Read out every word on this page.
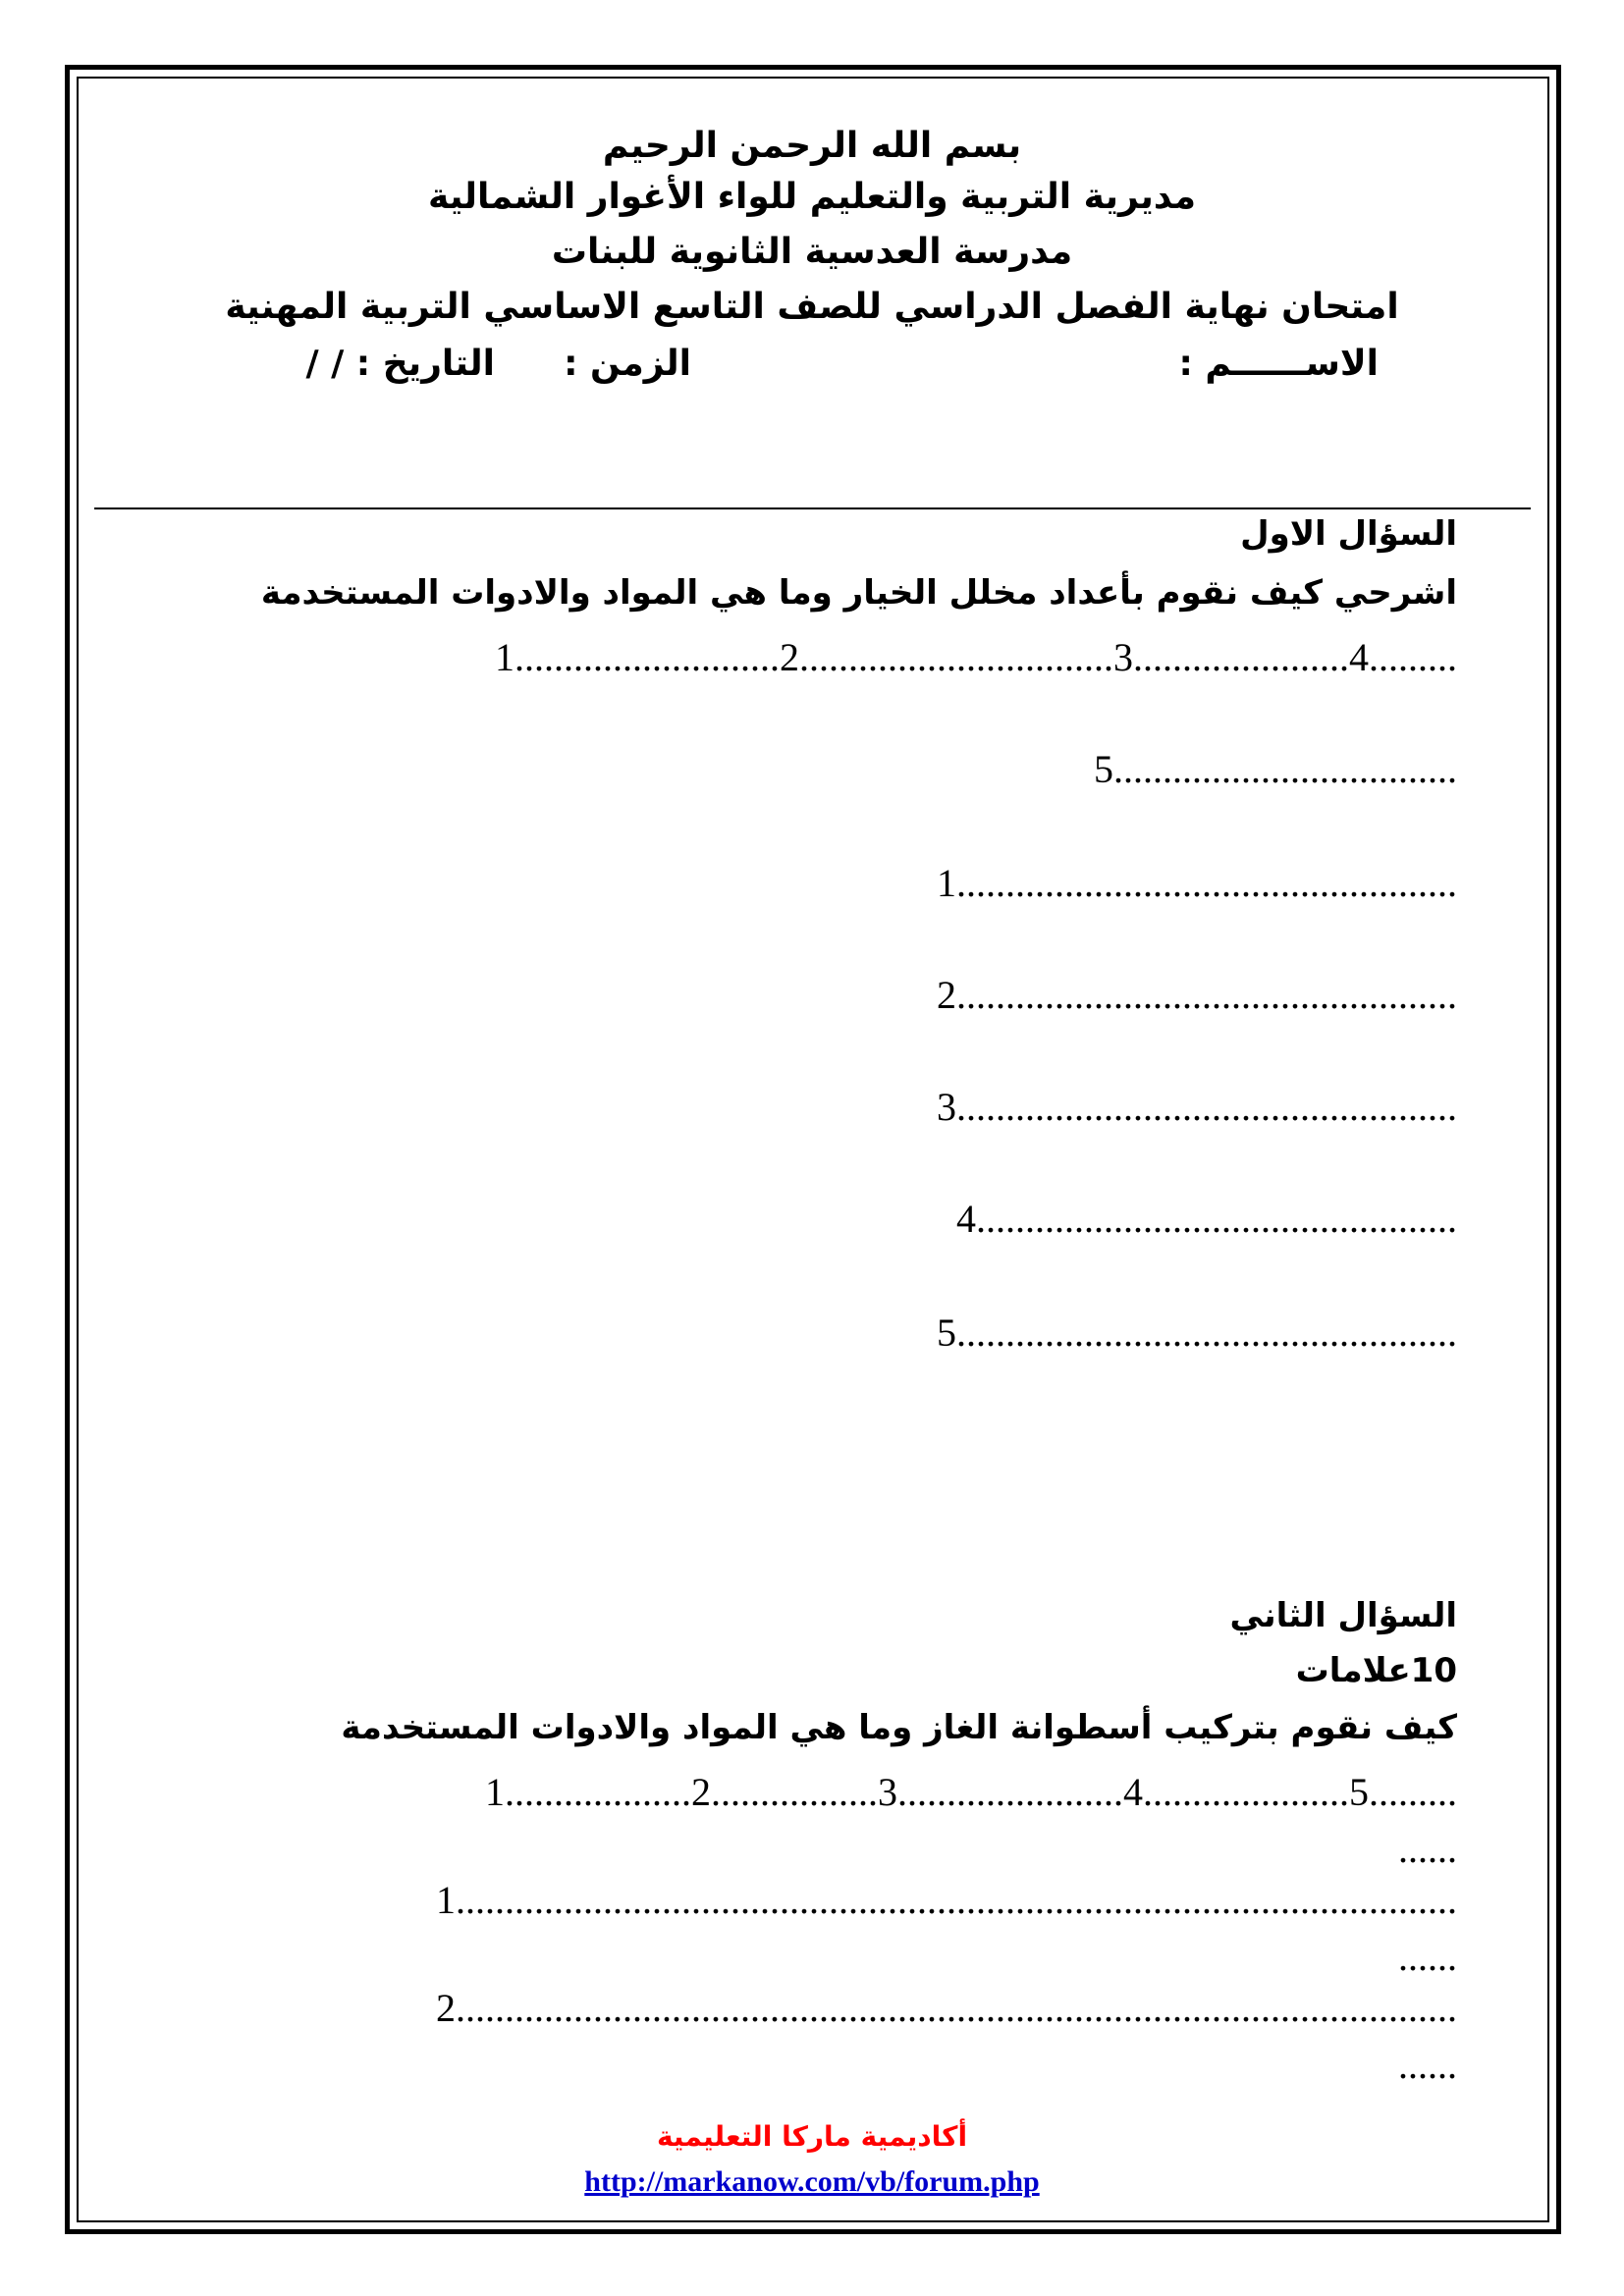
بسم الله الرحمن الرحيم
مديرية التربية والتعليم للواء الأغوار الشمالية
مدرسة العدسية الثانوية للبنات
امتحان نهاية الفصل الدراسي للصف التاسع الاساسي التربية المهنية
الاســــــم :
الزمن :
التاريخ : / /
السؤال الاول
اشرحي كيف نقوم بأعداد مخلل الخيار وما هي المواد والادوات المستخدمة
1...........................2................................3......................4.........
5...................................
1...................................................
2...................................................
3...................................................
4.................................................
5...................................................
السؤال الثاني
10علامات
كيف نقوم بتركيب أسطوانة الغاز وما هي المواد والادوات المستخدمة
1...................2.................3.......................4.....................5.........
......
1......................................................................................................
......
2......................................................................................................
......
أكاديمية ماركا التعليمية
http://markanow.com/vb/forum.php
